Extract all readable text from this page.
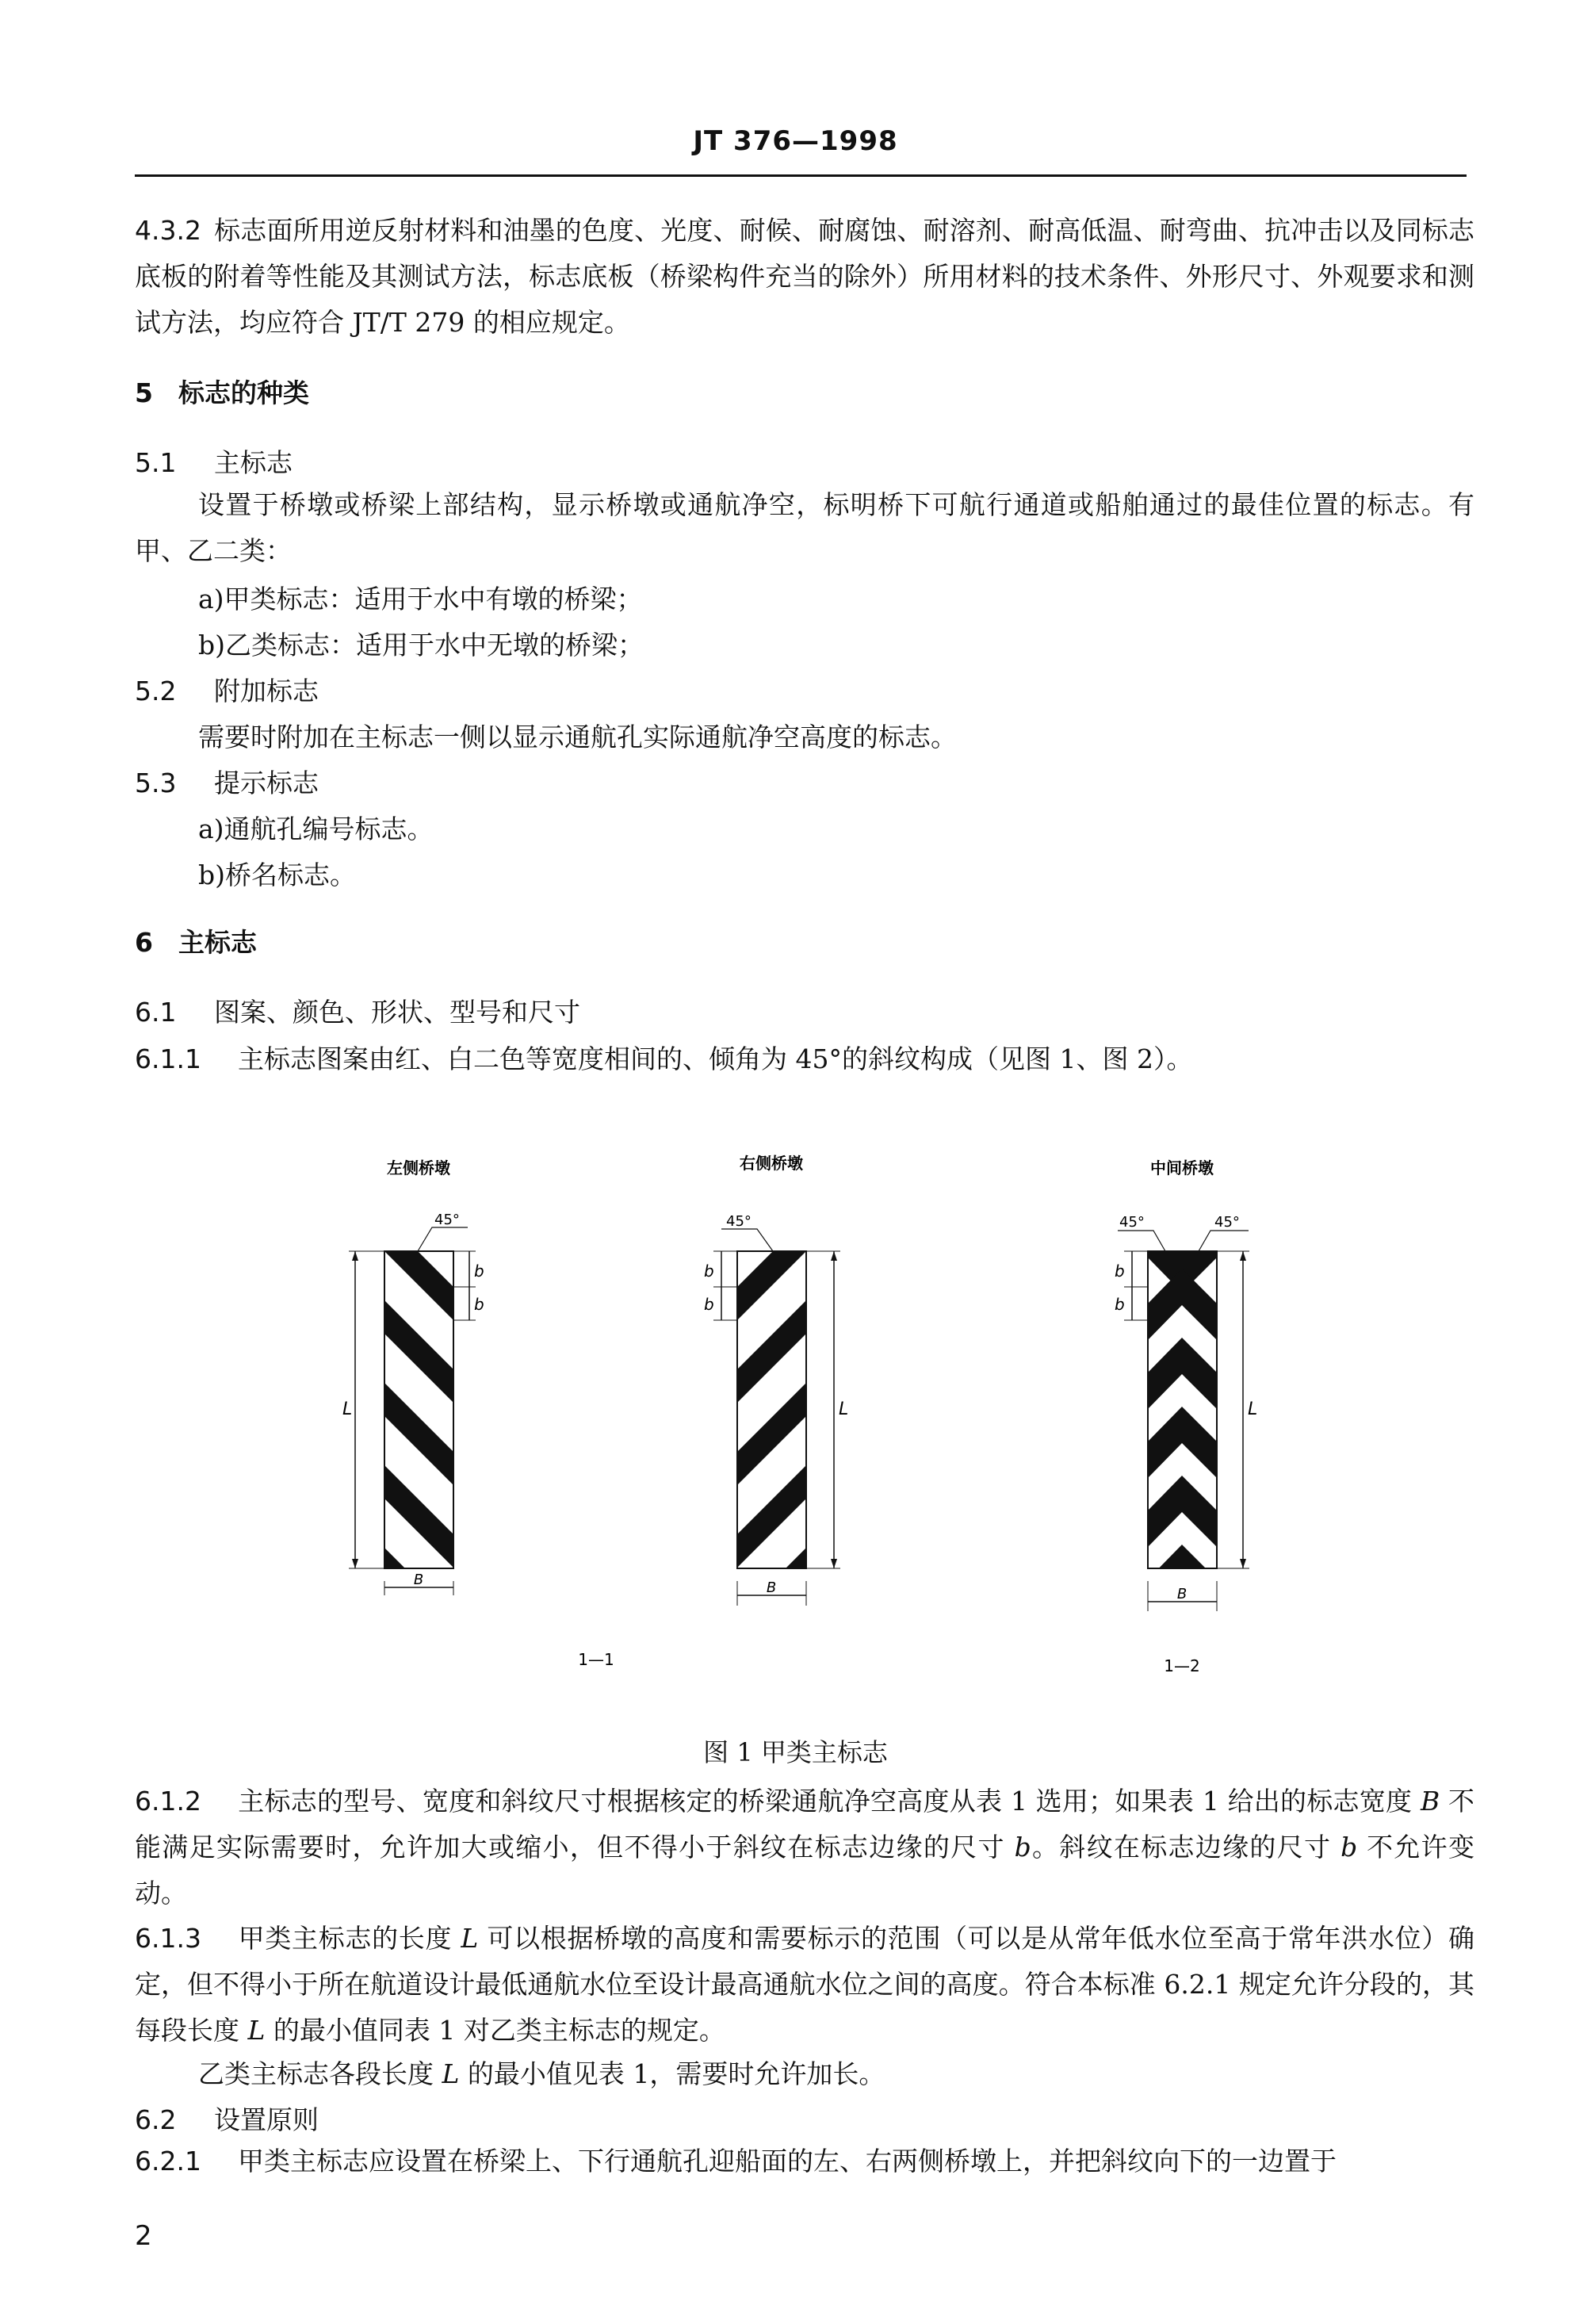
JT 376—1998
4.3.2 标志面所用逆反射材料和油墨的色度、光度、耐候、耐腐蚀、耐溶剂、耐高低温、耐弯曲、抗冲击以及同标志底板的附着等性能及其测试方法，标志底板（桥梁构件充当的除外）所用材料的技术条件、外形尺寸、外观要求和测试方法，均应符合 JT/T 279 的相应规定。
5 标志的种类
5.1 主标志
设置于桥墩或桥梁上部结构，显示桥墩或通航净空，标明桥下可航行通道或船舶通过的最佳位置的标志。有甲、乙二类：
a)甲类标志：适用于水中有墩的桥梁；
b)乙类标志：适用于水中无墩的桥梁；
5.2 附加标志
需要时附加在主标志一侧以显示通航孔实际通航净空高度的标志。
5.3 提示标志
a)通航孔编号标志。
b)桥名标志。
6 主标志
6.1 图案、颜色、形状、型号和尺寸
6.1.1 主标志图案由红、白二色等宽度相间的、倾角为 45°的斜纹构成（见图 1、图 2）。
左侧桥墩	右侧桥墩	中间桥墩
L
b
b
B
45°
b
b
L
B
45°
b
b
L
B
45°	45°
1—1	1—2
图 1 甲类主标志
6.1.2 主标志的型号、宽度和斜纹尺寸根据核定的桥梁通航净空高度从表 1 选用；如果表 1 给出的标志宽度 B 不能满足实际需要时，允许加大或缩小，但不得小于斜纹在标志边缘的尺寸 b。斜纹在标志边缘的尺寸 b 不允许变动。
6.1.3 甲类主标志的长度 L 可以根据桥墩的高度和需要标示的范围（可以是从常年低水位至高于常年洪水位）确定，但不得小于所在航道设计最低通航水位至设计最高通航水位之间的高度。符合本标准 6.2.1 规定允许分段的，其每段长度 L 的最小值同表 1 对乙类主标志的规定。
乙类主标志各段长度 L 的最小值见表 1，需要时允许加长。
6.2 设置原则
6.2.1 甲类主标志应设置在桥梁上、下行通航孔迎船面的左、右两侧桥墩上，并把斜纹向下的一边置于
2
